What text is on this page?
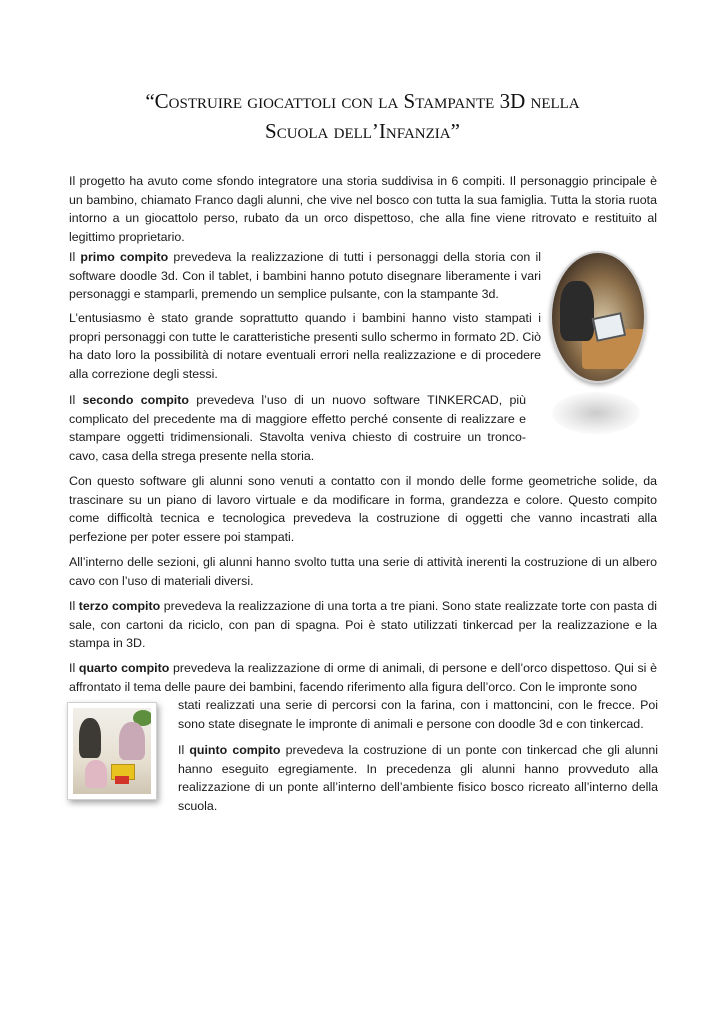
“Costruire giocattoli con la Stampante 3D nella
Scuola dell’Infanzia”

Il progetto ha avuto come sfondo integratore una storia suddivisa in 6 compiti. Il personaggio principale è un bambino, chiamato Franco dagli alunni, che vive nel bosco con tutta la sua famiglia. Tutta la storia ruota intorno a un giocattolo perso, rubato da un orco dispettoso, che alla fine viene ritrovato e restituito al legittimo proprietario.

Il primo compito prevedeva la realizzazione di tutti i personaggi della storia con il software doodle 3d. Con il tablet, i bambini hanno potuto disegnare liberamente i vari personaggi e stamparli, premendo un semplice pulsante, con la stampante 3d.

L’entusiasmo è stato grande soprattutto quando i bambini hanno visto stampati i propri personaggi con tutte le caratteristiche presenti sullo schermo in formato 2D. Ciò ha dato loro la possibilità di notare eventuali errori nella realizzazione e di procedere alla correzione degli stessi.

Il secondo compito prevedeva l’uso di un nuovo software TINKERCAD, più complicato del precedente ma di maggiore effetto perché consente di realizzare e stampare oggetti tridimensionali. Stavolta veniva chiesto di costruire un tronco-cavo, casa della strega presente nella storia.

Con questo software gli alunni sono venuti a contatto con il mondo delle forme geometriche solide, da trascinare su un piano di lavoro virtuale e da modificare in forma, grandezza e colore. Questo compito come difficoltà tecnica e tecnologica prevedeva la costruzione di oggetti che vanno incastrati alla perfezione per poter essere poi stampati.

All’interno delle sezioni, gli alunni hanno svolto tutta una serie di attività inerenti la costruzione di un albero cavo con l’uso di materiali diversi.

Il terzo compito prevedeva la realizzazione di una torta a tre piani. Sono state realizzate torte con pasta di sale, con cartoni da riciclo, con pan di spagna. Poi è stato utilizzati tinkercad per la realizzazione e la stampa in 3D.

Il quarto compito prevedeva la realizzazione di orme di animali, di persone e dell’orco dispettoso. Qui si è affrontato il tema delle paure dei bambini, facendo riferimento alla figura dell’orco. Con le impronte sono

stati realizzati una serie di percorsi con la farina, con i mattoncini, con le frecce. Poi sono state disegnate le impronte di animali e persone con doodle 3d e con tinkercad.

Il quinto compito prevedeva la costruzione di un ponte con tinkercad che gli alunni hanno eseguito egregiamente. In precedenza gli alunni hanno provveduto alla realizzazione di un ponte all’interno dell’ambiente fisico bosco ricreato all’interno della scuola.
